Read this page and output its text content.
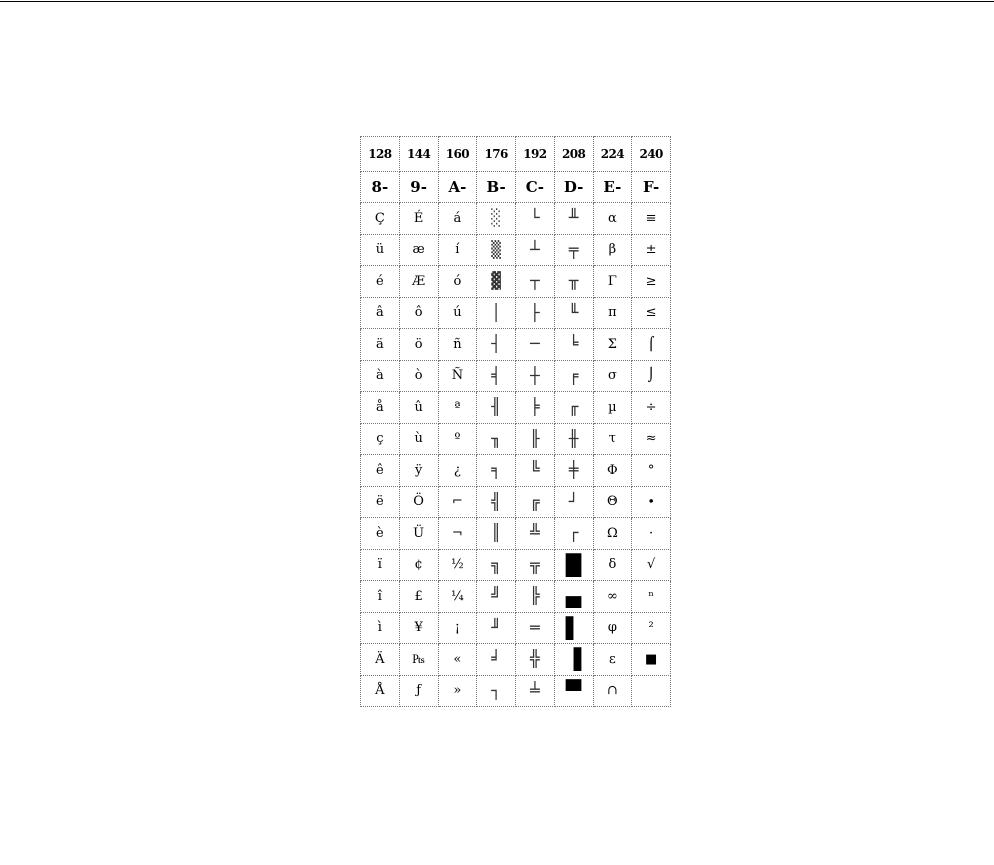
128	144	160	176	192	208	224	240
8-	9-	A-	B-	C-	D-	E-	F-
Ç	É	á	░	└	╨	α	≡
ü	æ	í	▒	┴	╤	β	±
é	Æ	ó	▓	┬	╥	Γ	≥
â	ô	ú	│	├	╙	π	≤
ä	ö	ñ	┤	─	╘	Σ	⌠
à	ò	Ñ	╡	┼	╒	σ	⌡
å	û	ª	╢	╞	╓	µ	÷
ç	ù	º	╖	╟	╫	τ	≈
ê	ÿ	¿	╕	╚	╪	Φ	°
ë	Ö	⌐	╣	╔	┘	Θ	∙
è	Ü	¬	║	╩	┌	Ω	·
ï	¢	½	╗	╦	█	δ	√
î	£	¼	╝	╠	▄	∞	ⁿ
ì	¥	¡	╜	═	▌	φ	²
Ä	₧	«	╛	╬	▐	ε	■
Å	ƒ	»	┐	╧	▀	∩	
